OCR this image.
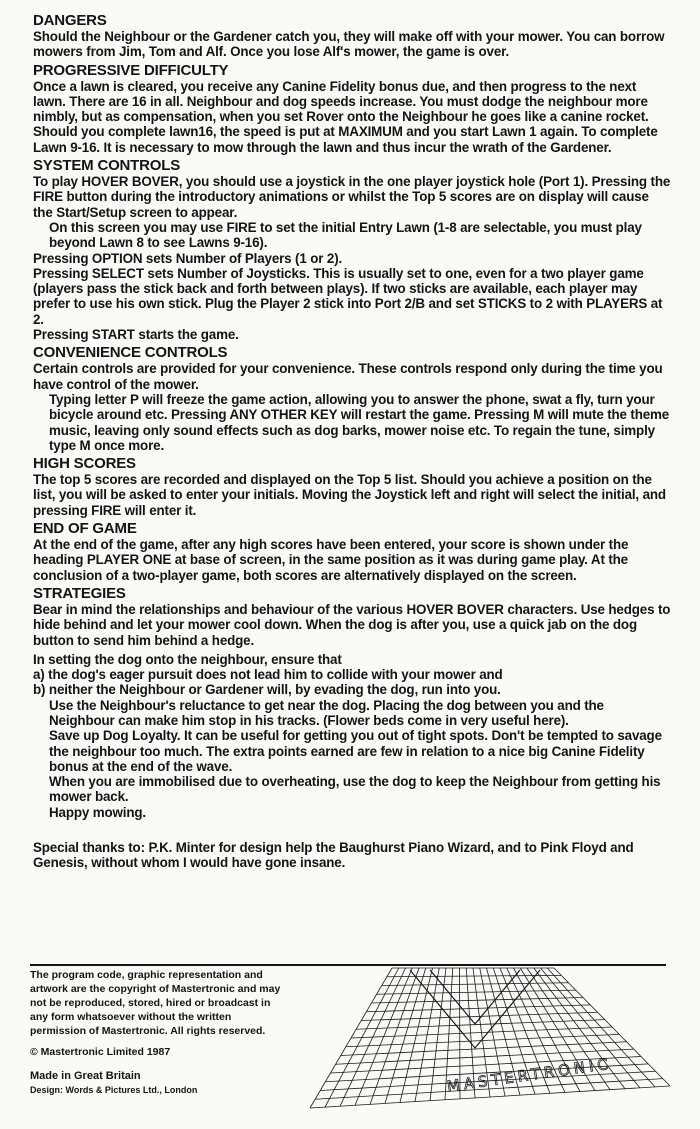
DANGERS
Should the Neighbour or the Gardener catch you, they will make off with your mower. You can borrow mowers from Jim, Tom and Alf. Once you lose Alf's mower, the game is over.
PROGRESSIVE DIFFICULTY
Once a lawn is cleared, you receive any Canine Fidelity bonus due, and then progress to the next lawn. There are 16 in all. Neighbour and dog speeds increase. You must dodge the neighbour more nimbly, but as compensation, when you set Rover onto the Neighbour he goes like a canine rocket. Should you complete lawn16, the speed is put at MAXIMUM and you start Lawn 1 again. To complete Lawn 9-16. It is necessary to mow through the lawn and thus incur the wrath of the Gardener.
SYSTEM CONTROLS
To play HOVER BOVER, you should use a joystick in the one player joystick hole (Port 1). Pressing the FIRE button during the introductory animations or whilst the Top 5 scores are on display will cause the Start/Setup screen to appear.
On this screen you may use FIRE to set the initial Entry Lawn (1-8 are selectable, you must play beyond Lawn 8 to see Lawns 9-16).
Pressing OPTION sets Number of Players (1 or 2).
Pressing SELECT sets Number of Joysticks. This is usually set to one, even for a two player game (players pass the stick back and forth between plays). If two sticks are available, each player may prefer to use his own stick. Plug the Player 2 stick into Port 2/B and set STICKS to 2 with PLAYERS at 2.
Pressing START starts the game.
CONVENIENCE CONTROLS
Certain controls are provided for your convenience. These controls respond only during the time you have control of the mower.
Typing letter P will freeze the game action, allowing you to answer the phone, swat a fly, turn your bicycle around etc. Pressing ANY OTHER KEY will restart the game. Pressing M will mute the theme music, leaving only sound effects such as dog barks, mower noise etc. To regain the tune, simply type M once more.
HIGH SCORES
The top 5 scores are recorded and displayed on the Top 5 list. Should you achieve a position on the list, you will be asked to enter your initials. Moving the Joystick left and right will select the initial, and pressing FIRE will enter it.
END OF GAME
At the end of the game, after any high scores have been entered, your score is shown under the heading PLAYER ONE at base of screen, in the same position as it was during game play. At the conclusion of a two-player game, both scores are alternatively displayed on the screen.
STRATEGIES
Bear in mind the relationships and behaviour of the various HOVER BOVER characters. Use hedges to hide behind and let your mower cool down. When the dog is after you, use a quick jab on the dog button to send him behind a hedge.
In setting the dog onto the neighbour, ensure that
a) the dog's eager pursuit does not lead him to collide with your mower and
b) neither the Neighbour or Gardener will, by evading the dog, run into you.
Use the Neighbour's reluctance to get near the dog. Placing the dog between you and the Neighbour can make him stop in his tracks. (Flower beds come in very useful here).
Save up Dog Loyalty. It can be useful for getting you out of tight spots. Don't be tempted to savage the neighbour too much. The extra points earned are few in relation to a nice big Canine Fidelity bonus at the end of the wave.
When you are immobilised due to overheating, use the dog to keep the Neighbour from getting his mower back.
Happy mowing.
Special thanks to: P.K. Minter for design help the Baughurst Piano Wizard, and to Pink Floyd and Genesis, without whom I would have gone insane.
The program code, graphic representation and
artwork are the copyright of Mastertronic and may
not be reproduced, stored, hired or broadcast in
any form whatsoever without the written
permission of Mastertronic. All rights reserved.
© Mastertronic Limited 1987
Made in Great Britain
Design: Words & Pictures Ltd., London	MASTERTRONIC
